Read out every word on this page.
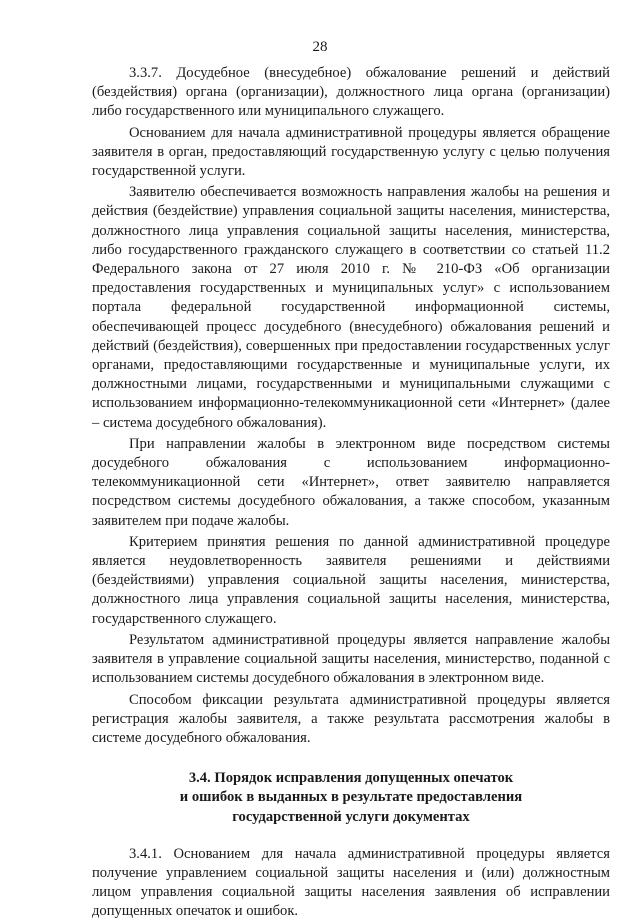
28

3.3.7. Досудебное (внесудебное) обжалование решений и действий (бездействия) органа (организации), должностного лица органа (организации) либо государственного или муниципального служащего.

Основанием для начала административной процедуры является обращение заявителя в орган, предоставляющий государственную услугу с целью получения государственной услуги.

Заявителю обеспечивается возможность направления жалобы на решения и действия (бездействие) управления социальной защиты населения, министерства, должностного лица управления социальной защиты населения, министерства, либо государственного гражданского служащего в соответствии со статьей 11.2 Федерального закона от 27 июля 2010 г. № 210-ФЗ «Об организации предоставления государственных и муниципальных услуг» с использованием портала федеральной государственной информационной системы, обеспечивающей процесс досудебного (внесудебного) обжалования решений и действий (бездействия), совершенных при предоставлении государственных услуг органами, предоставляющими государственные и муниципальные услуги, их должностными лицами, государственными и муниципальными служащими с использованием информационно-телекоммуникационной сети «Интернет» (далее – система досудебного обжалования).

При направлении жалобы в электронном виде посредством системы досудебного обжалования с использованием информационно-телекоммуникационной сети «Интернет», ответ заявителю направляется посредством системы досудебного обжалования, а также способом, указанным заявителем при подаче жалобы.

Критерием принятия решения по данной административной процедуре является неудовлетворенность заявителя решениями и действиями (бездействиями) управления социальной защиты населения, министерства, должностного лица управления социальной защиты населения, министерства, государственного служащего.

Результатом административной процедуры является направление жалобы заявителя в управление социальной защиты населения, министерство, поданной с использованием системы досудебного обжалования в электронном виде.

Способом фиксации результата административной процедуры является регистрация жалобы заявителя, а также результата рассмотрения жалобы в системе досудебного обжалования.

3.4. Порядок исправления допущенных опечаток
и ошибок в выданных в результате предоставления
государственной услуги документах

3.4.1. Основанием для начала административной процедуры является получение управлением социальной защиты населения и (или) должностным лицом управления социальной защиты населения заявления об исправлении допущенных опечаток и ошибок.
